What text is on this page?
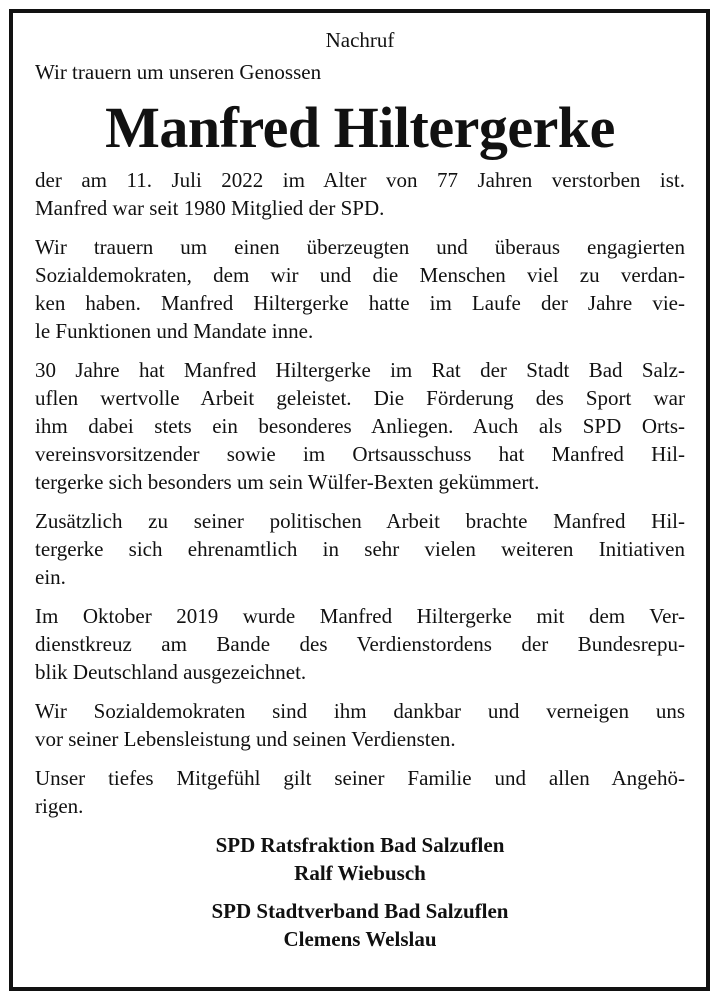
Nachruf

Wir trauern um unseren Genossen

Manfred Hiltergerke

der am 11. Juli 2022 im Alter von 77 Jahren verstorben ist.
Manfred war seit 1980 Mitglied der SPD.

Wir trauern um einen überzeugten und überaus engagierten
Sozialdemokraten, dem wir und die Menschen viel zu verdan-
ken haben. Manfred Hiltergerke hatte im Laufe der Jahre vie-
le Funktionen und Mandate inne.

30 Jahre hat Manfred Hiltergerke im Rat der Stadt Bad Salz-
uflen wertvolle Arbeit geleistet. Die Förderung des Sport war
ihm dabei stets ein besonderes Anliegen. Auch als SPD Orts-
vereinsvorsitzender sowie im Ortsausschuss hat Manfred Hil-
tergerke sich besonders um sein Wülfer-Bexten gekümmert.

Zusätzlich zu seiner politischen Arbeit brachte Manfred Hil-
tergerke sich ehrenamtlich in sehr vielen weiteren Initiativen
ein.

Im Oktober 2019 wurde Manfred Hiltergerke mit dem Ver-
dienstkreuz am Bande des Verdienstordens der Bundesrepu-
blik Deutschland ausgezeichnet.

Wir Sozialdemokraten sind ihm dankbar und verneigen uns
vor seiner Lebensleistung und seinen Verdiensten.

Unser tiefes Mitgefühl gilt seiner Familie und allen Angehö-
rigen.

SPD Ratsfraktion Bad Salzuflen

Ralf Wiebusch

SPD Stadtverband Bad Salzuflen

Clemens Welslau
